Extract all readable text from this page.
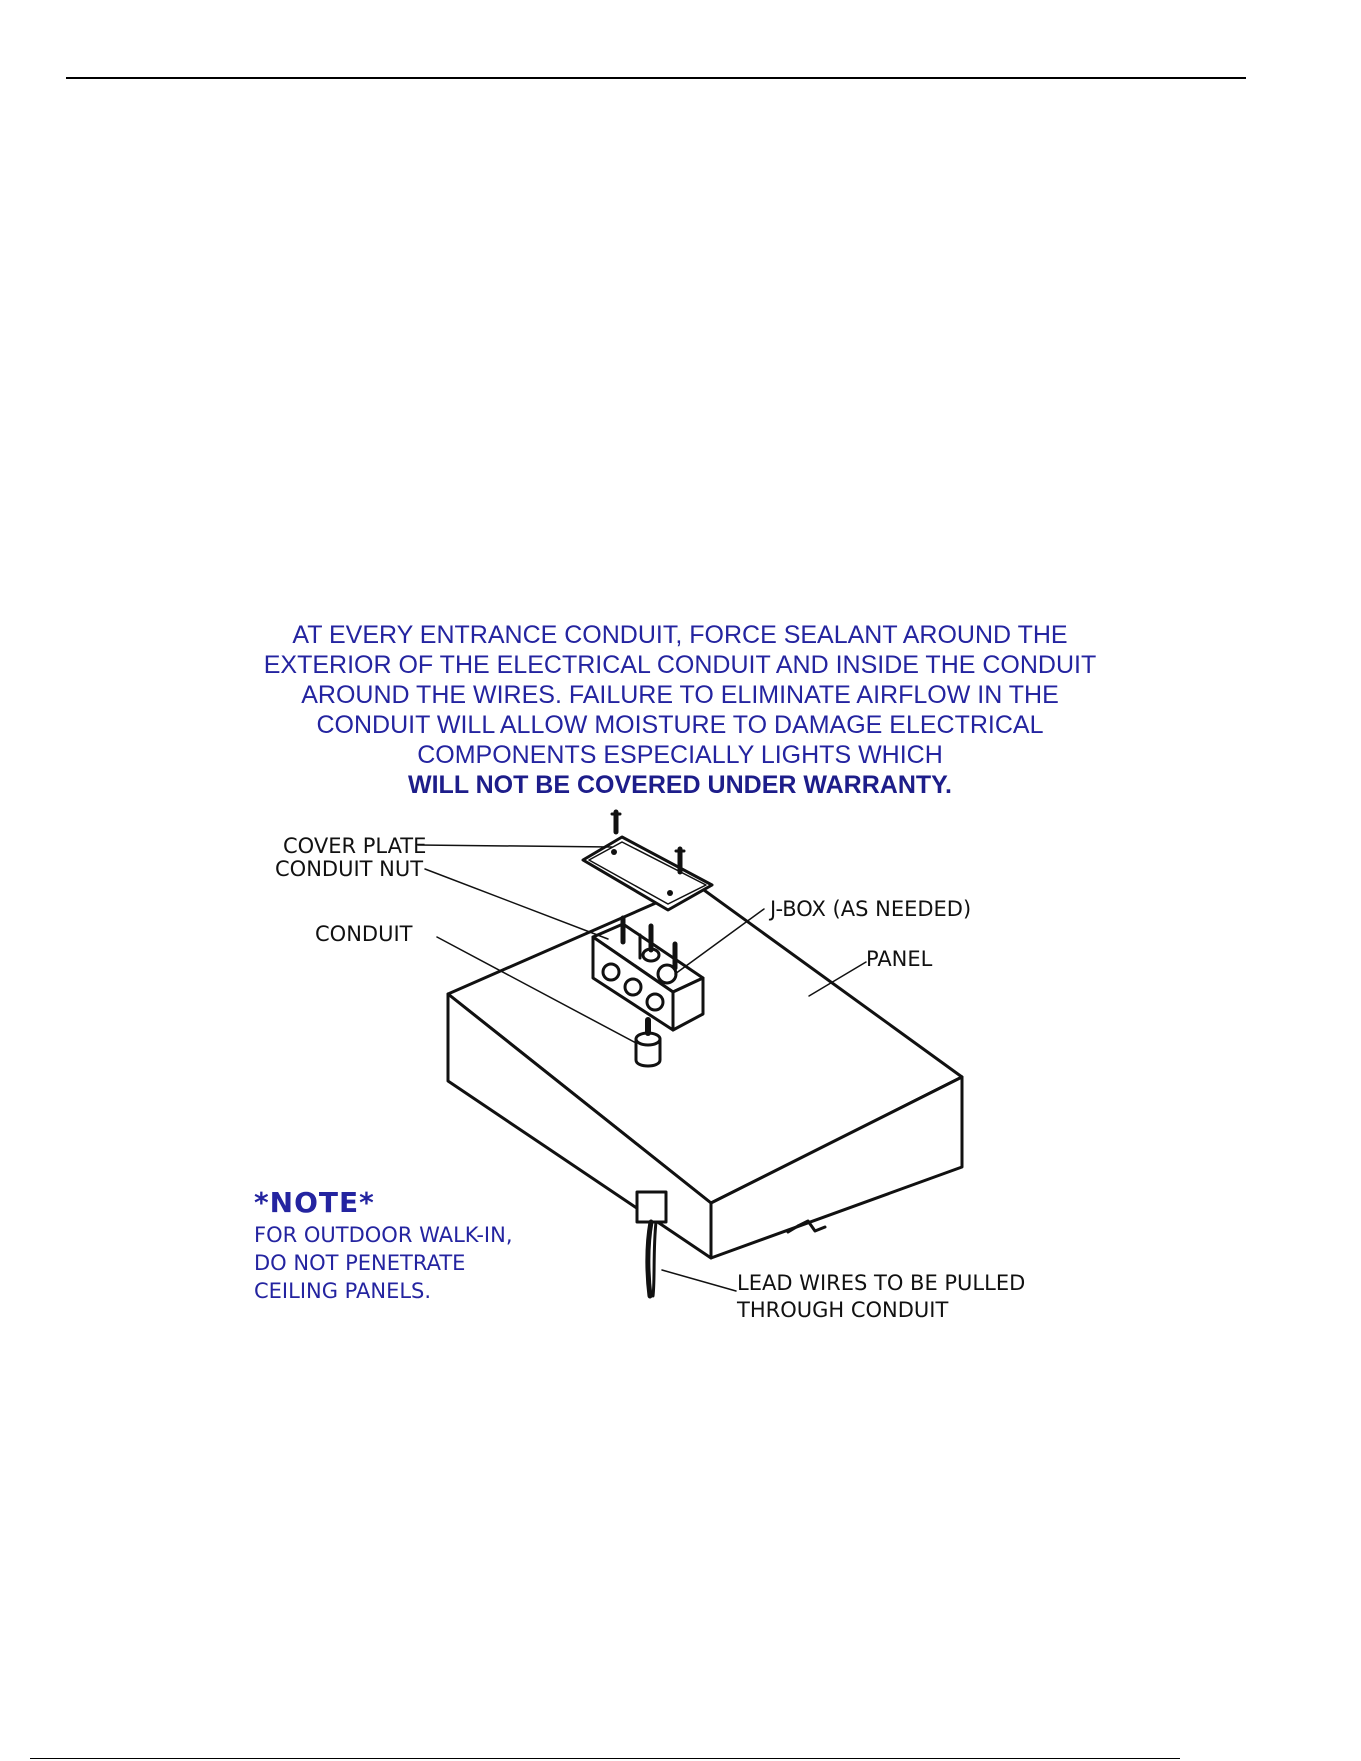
AT EVERY ENTRANCE CONDUIT, FORCE SEALANT AROUND THE
EXTERIOR OF THE ELECTRICAL CONDUIT AND INSIDE THE CONDUIT
AROUND THE WIRES. FAILURE TO ELIMINATE AIRFLOW IN THE
CONDUIT WILL ALLOW MOISTURE TO DAMAGE ELECTRICAL
COMPONENTS ESPECIALLY LIGHTS WHICH
WILL NOT BE COVERED UNDER WARRANTY.
COVER PLATE
CONDUIT NUT
CONDUIT
J-BOX (AS NEEDED)
PANEL
LEAD WIRES TO BE PULLED
THROUGH CONDUIT
*NOTE*
FOR OUTDOOR WALK-IN,
DO NOT PENETRATE
CEILING PANELS.
